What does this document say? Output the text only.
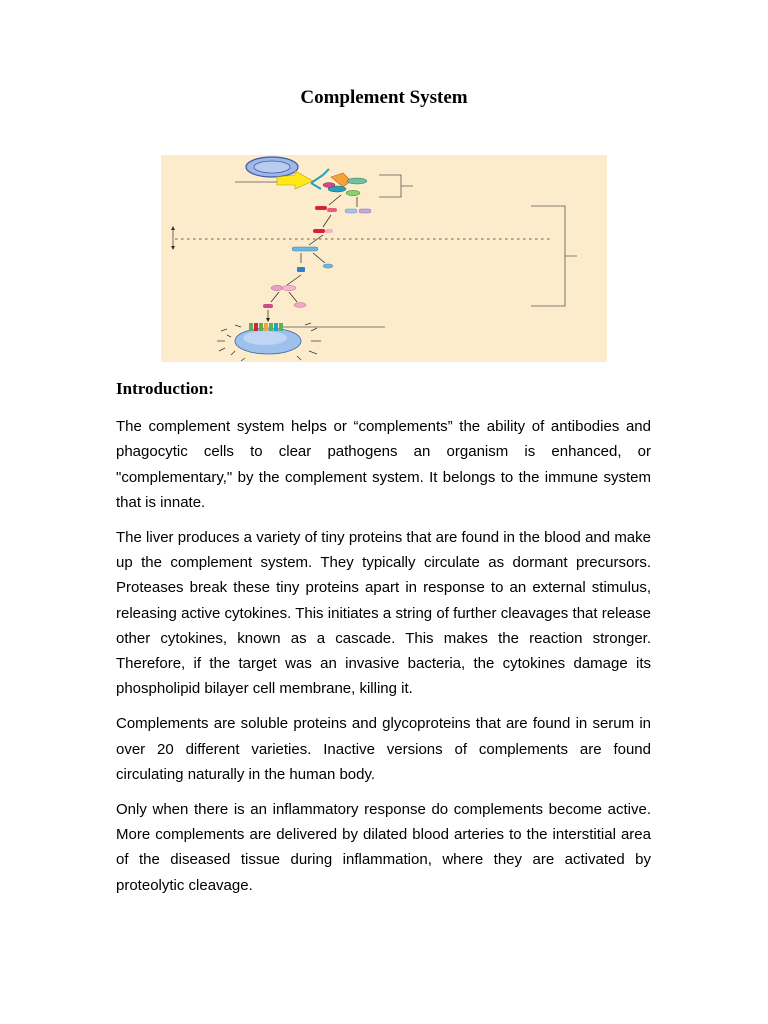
Complement System
Introduction:

The complement system helps or “complements” the ability of antibodies and phagocytic cells to clear pathogens an organism is enhanced, or "complementary," by the complement system. It belongs to the immune system that is innate.

The liver produces a variety of tiny proteins that are found in the blood and make up the complement system. They typically circulate as dormant precursors. Proteases break these tiny proteins apart in response to an external stimulus, releasing active cytokines. This initiates a string of further cleavages that release other cytokines, known as a cascade. This makes the reaction stronger. Therefore, if the target was an invasive bacteria, the cytokines damage its phospholipid bilayer cell membrane, killing it.

Complements are soluble proteins and glycoproteins that are found in serum in over 20 different varieties. Inactive versions of complements are found circulating naturally in the human body.

Only when there is an inflammatory response do complements become active. More complements are delivered by dilated blood arteries to the interstitial area of the diseased tissue during inflammation, where they are activated by proteolytic cleavage.
